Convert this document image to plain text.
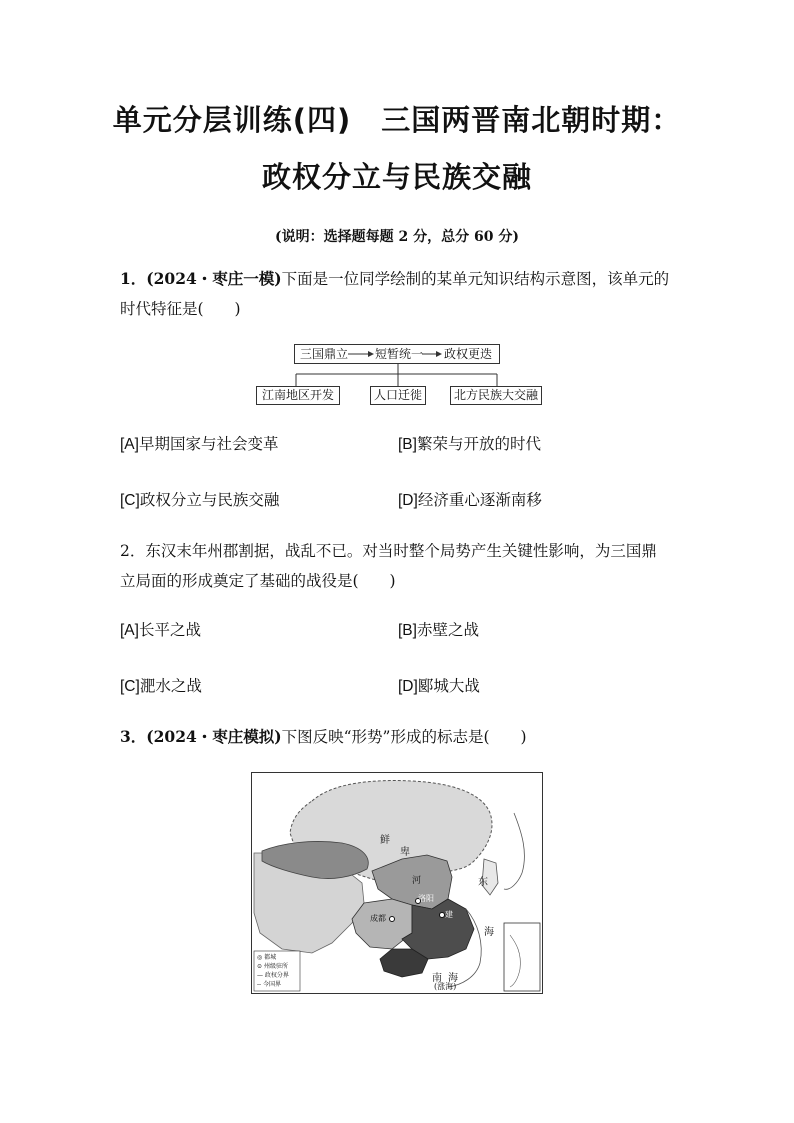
单元分层训练(四)　三国两晋南北朝时期：
政权分立与民族交融
(说明：选择题每题 2 分，总分 60 分)
1．(2024・枣庄一模)下面是一位同学绘制的某单元知识结构示意图，该单元的
时代特征是(　　)
三国鼎立 短暂统一 政权更迭
江南地区开发	人口迁徙	北方民族大交融
[A]早期国家与社会变革	[B]繁荣与开放的时代
[C]政权分立与民族交融	[D]经济重心逐渐南移
2．东汉末年州郡割据，战乱不已。对当时整个局势产生关键性影响，为三国鼎
立局面的形成奠定了基础的战役是(　　)
[A]长平之战	[B]赤壁之战
[C]淝水之战	[D]郾城大战
3．(2024・枣庄模拟)下图反映“形势”形成的标志是(　　)
鲜
卑
河
洛阳
成都	建
东
海
南 海
(涨海)
◎ 都城
⊙ 州级驻所
— 政权分界
-- 今国界
